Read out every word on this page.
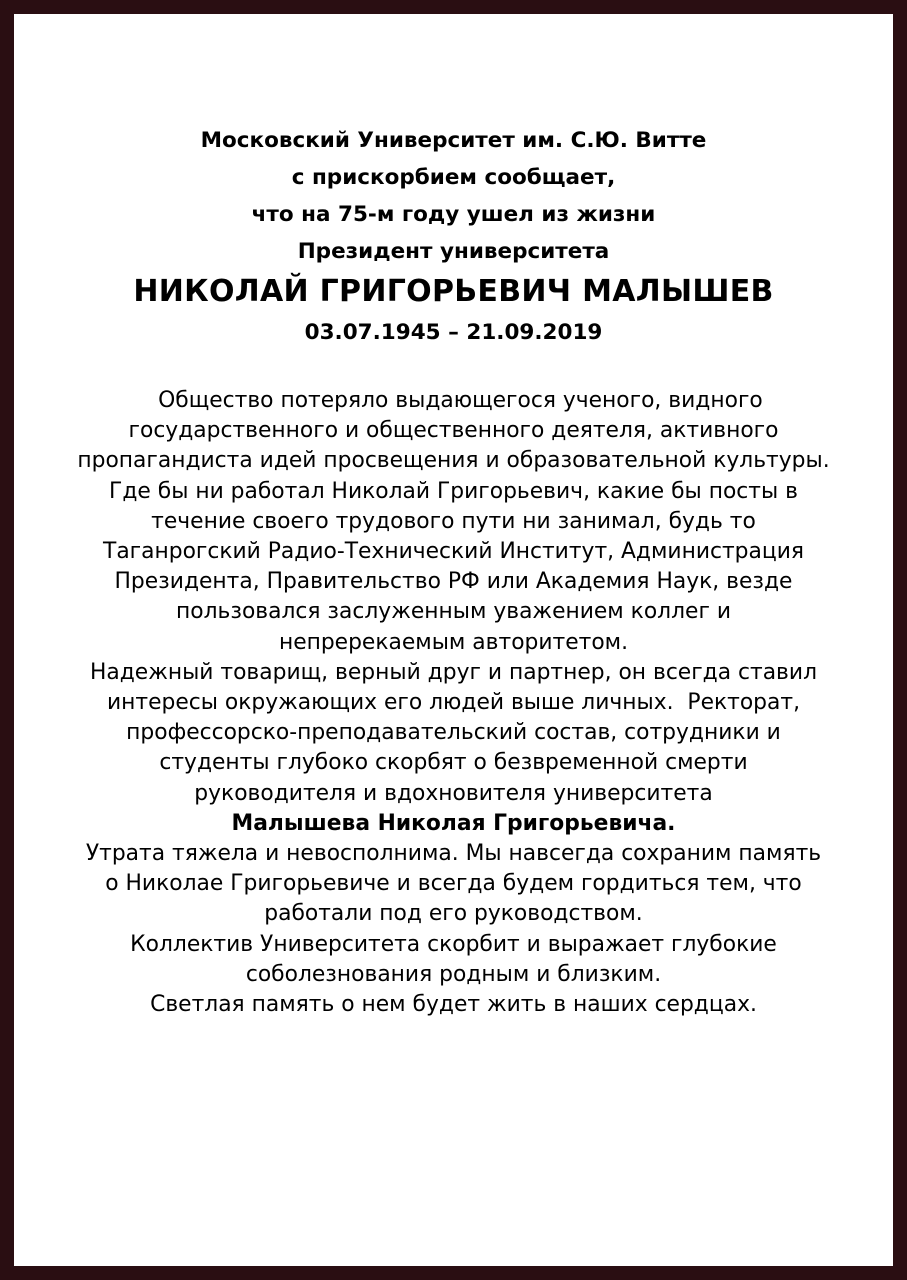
Московский Университет им. С.Ю. Витте

с прискорбием сообщает,

что на 75-м году ушел из жизни

Президент университета

НИКОЛАЙ ГРИГОРЬЕВИЧ МАЛЫШЕВ

03.07.1945 – 21.09.2019

Общество потеряло выдающегося ученого, видного

государственного и общественного деятеля, активного

пропагандиста идей просвещения и образовательной культуры.

Где бы ни работал Николай Григорьевич, какие бы посты в

течение своего трудового пути ни занимал, будь то

Таганрогский Радио-Технический Институт, Администрация

Президента, Правительство РФ или Академия Наук, везде

пользовался заслуженным уважением коллег и

непререкаемым авторитетом.

Надежный товарищ, верный друг и партнер, он всегда ставил

интересы окружающих его людей выше личных.  Ректорат,

профессорско-преподавательский состав, сотрудники и

студенты глубоко скорбят о безвременной смерти

руководителя и вдохновителя университета

Малышева Николая Григорьевича.

Утрата тяжела и невосполнима. Мы навсегда сохраним память

о Николае Григорьевиче и всегда будем гордиться тем, что

работали под его руководством.

Коллектив Университета скорбит и выражает глубокие

соболезнования родным и близким.

Светлая память о нем будет жить в наших сердцах.
